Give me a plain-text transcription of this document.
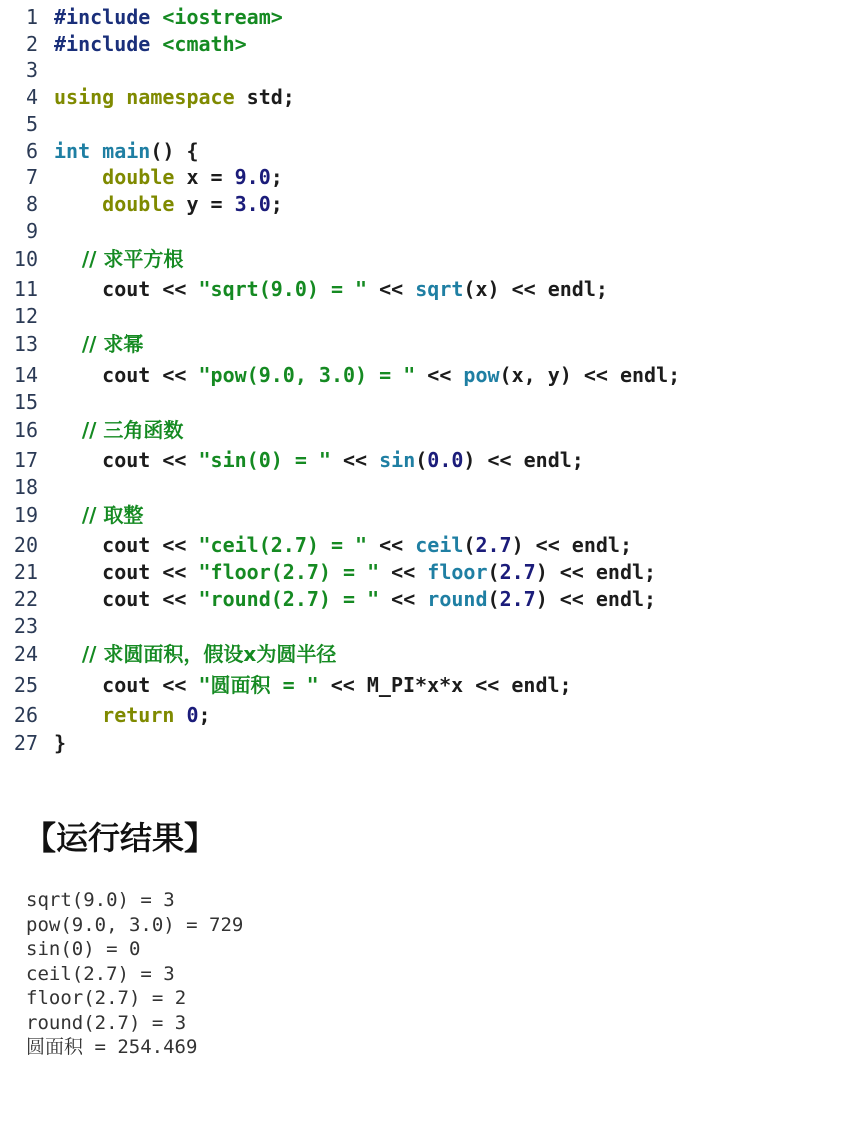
1 #include <iostream>
2 #include <cmath>
3
4 using namespace std;
5
6 int main() {
7    double x = 9.0;
8    double y = 3.0;
9
10    // 求平方根
11    cout << "sqrt(9.0) = " << sqrt(x) << endl;
12
13    // 求幂
14    cout << "pow(9.0, 3.0) = " << pow(x, y) << endl;
15
16    // 三角函数
17    cout << "sin(0) = " << sin(0.0) << endl;
18
19    // 取整
20    cout << "ceil(2.7) = " << ceil(2.7) << endl;
21    cout << "floor(2.7) = " << floor(2.7) << endl;
22    cout << "round(2.7) = " << round(2.7) << endl;
23
24    // 求圆面积，假设x为圆半径
25    cout << "圆面积 = " << M_PI*x*x << endl;
26    return 0;
27 }
【运行结果】
sqrt(9.0) = 3
pow(9.0, 3.0) = 729
sin(0) = 0
ceil(2.7) = 3
floor(2.7) = 2
round(2.7) = 3
圆面积 = 254.469
